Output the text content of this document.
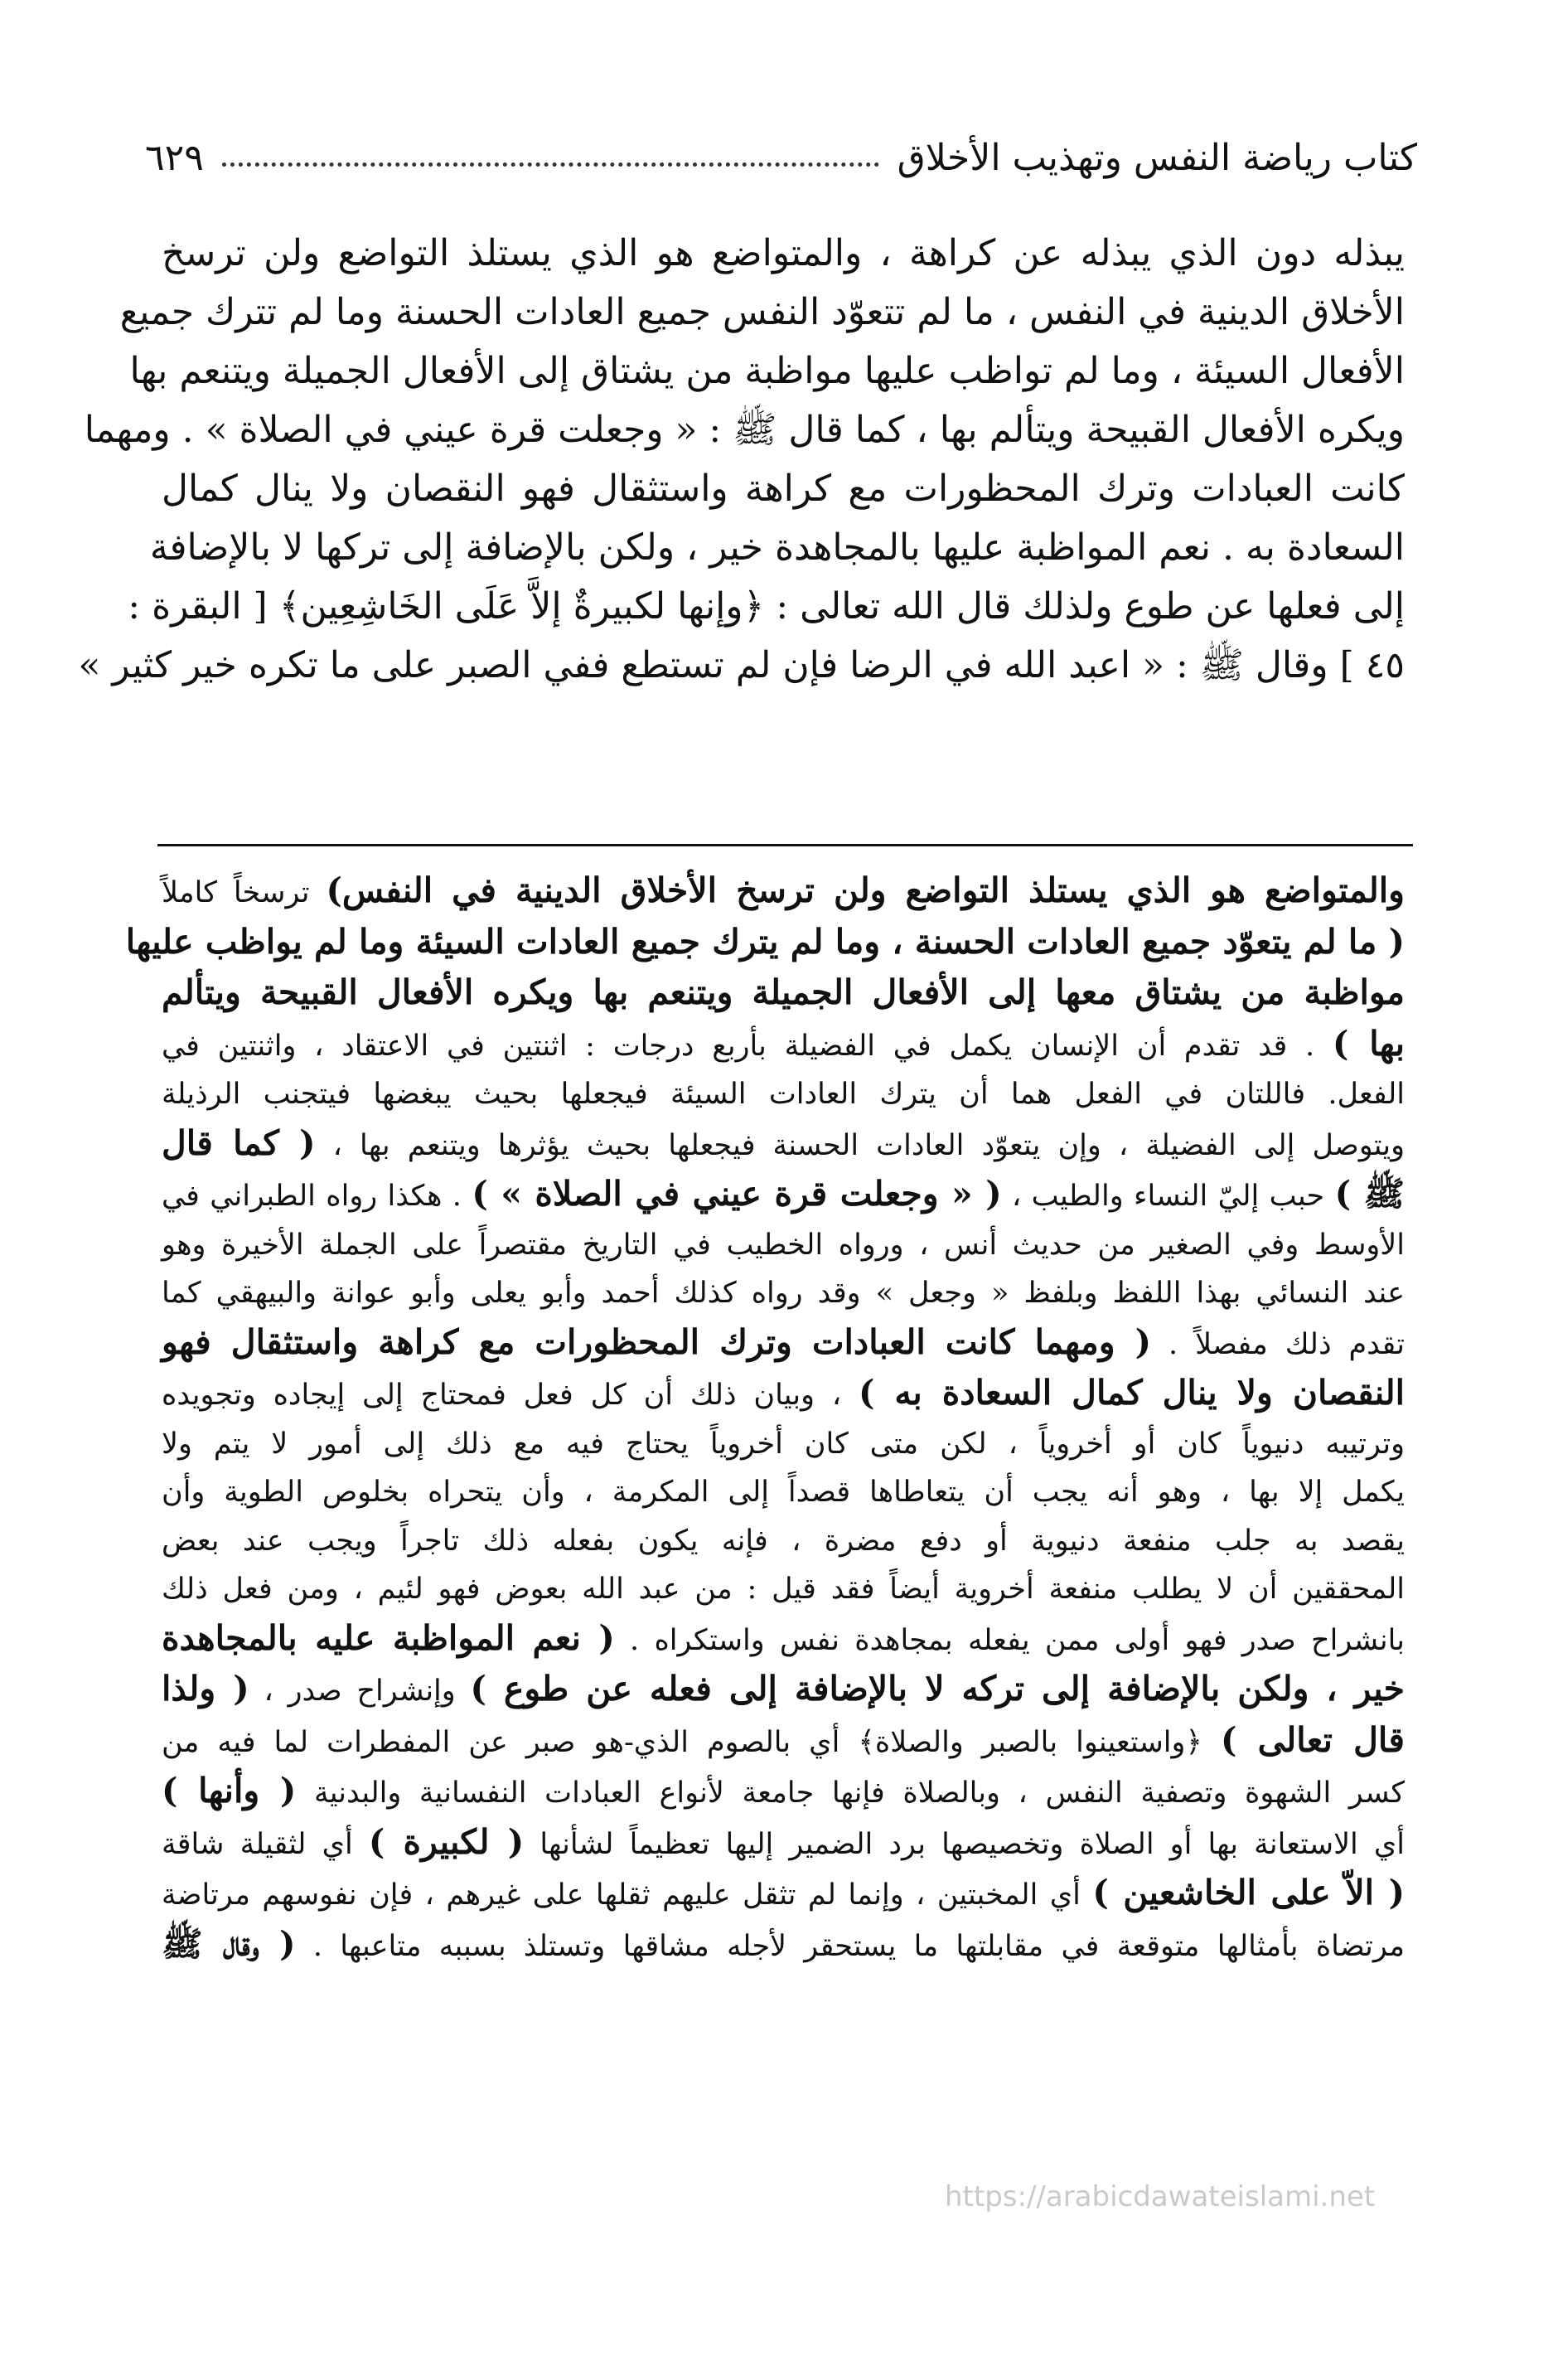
كتاب رياضة النفس وتهذيب الأخلاق
٦٢٩
يبذله دون الذي يبذله عن كراهة ، والمتواضع هو الذي يستلذ التواضع ولن ترسخ
الأخلاق الدينية في النفس ، ما لم تتعوّد النفس جميع العادات الحسنة وما لم تترك جميع
الأفعال السيئة ، وما لم تواظب عليها مواظبة من يشتاق إلى الأفعال الجميلة ويتنعم بها
ويكره الأفعال القبيحة ويتألم بها ، كما قال ﷺ : « وجعلت قرة عيني في الصلاة » . ومهما
كانت العبادات وترك المحظورات مع كراهة واستثقال فهو النقصان ولا ينال كمال
السعادة به . نعم المواظبة عليها بالمجاهدة خير ، ولكن بالإضافة إلى تركها لا بالإضافة
إلى فعلها عن طوع ولذلك قال الله تعالى : ﴿وإنها لكبيرةٌ إلاَّ عَلَى الخَاشِعِين﴾ [ البقرة :
٤٥ ] وقال ﷺ : « اعبد الله في الرضا فإن لم تستطع ففي الصبر على ما تكره خير كثير »
والمتواضع هو الذي يستلذ التواضع ولن ترسخ الأخلاق الدينية في النفس) ترسخاً كاملاً
( ما لم يتعوّد جميع العادات الحسنة ، وما لم يترك جميع العادات السيئة وما لم يواظب عليها
مواظبة من يشتاق معها إلى الأفعال الجميلة ويتنعم بها ويكره الأفعال القبيحة ويتألم
بها ) . قد تقدم أن الإنسان يكمل في الفضيلة بأربع درجات : اثنتين في الاعتقاد ، واثنتين في
الفعل. فاللتان في الفعل هما أن يترك العادات السيئة فيجعلها بحيث يبغضها فيتجنب الرذيلة
ويتوصل إلى الفضيلة ، وإن يتعوّد العادات الحسنة فيجعلها بحيث يؤثرها ويتنعم بها ، ( كما قال
ﷺ ) حبب إليّ النساء والطيب ، ( « وجعلت قرة عيني في الصلاة » ) . هكذا رواه الطبراني في
الأوسط وفي الصغير من حديث أنس ، ورواه الخطيب في التاريخ مقتصراً على الجملة الأخيرة وهو
عند النسائي بهذا اللفظ وبلفظ « وجعل » وقد رواه كذلك أحمد وأبو يعلى وأبو عوانة والبيهقي كما
تقدم ذلك مفصلاً . ( ومهما كانت العبادات وترك المحظورات مع كراهة واستثقال فهو
النقصان ولا ينال كمال السعادة به ) ، وبيان ذلك أن كل فعل فمحتاج إلى إيجاده وتجويده
وترتيبه دنيوياً كان أو أخروياً ، لكن متى كان أخروياً يحتاج فيه مع ذلك إلى أمور لا يتم ولا
يكمل إلا بها ، وهو أنه يجب أن يتعاطاها قصداً إلى المكرمة ، وأن يتحراه بخلوص الطوية وأن
يقصد به جلب منفعة دنيوية أو دفع مضرة ، فإنه يكون بفعله ذلك تاجراً ويجب عند بعض
المحققين أن لا يطلب منفعة أخروية أيضاً فقد قيل : من عبد الله بعوض فهو لئيم ، ومن فعل ذلك
بانشراح صدر فهو أولى ممن يفعله بمجاهدة نفس واستكراه . ( نعم المواظبة عليه بالمجاهدة
خير ، ولكن بالإضافة إلى تركه لا بالإضافة إلى فعله عن طوع ) وإنشراح صدر ، ( ولذا
قال تعالى ) ﴿واستعينوا بالصبر والصلاة﴾ أي بالصوم الذي-هو صبر عن المفطرات لما فيه من
كسر الشهوة وتصفية النفس ، وبالصلاة فإنها جامعة لأنواع العبادات النفسانية والبدنية ( وأنها )
أي الاستعانة بها أو الصلاة وتخصيصها برد الضمير إليها تعظيماً لشأنها ( لكبيرة ) أي لثقيلة شاقة
( الاّ على الخاشعين ) أي المخبتين ، وإنما لم تثقل عليهم ثقلها على غيرهم ، فإن نفوسهم مرتاضة
مرتضاة بأمثالها متوقعة في مقابلتها ما يستحقر لأجله مشاقها وتستلذ بسببه متاعبها . ( وقال ﷺ
https://arabicdawateislami.net
